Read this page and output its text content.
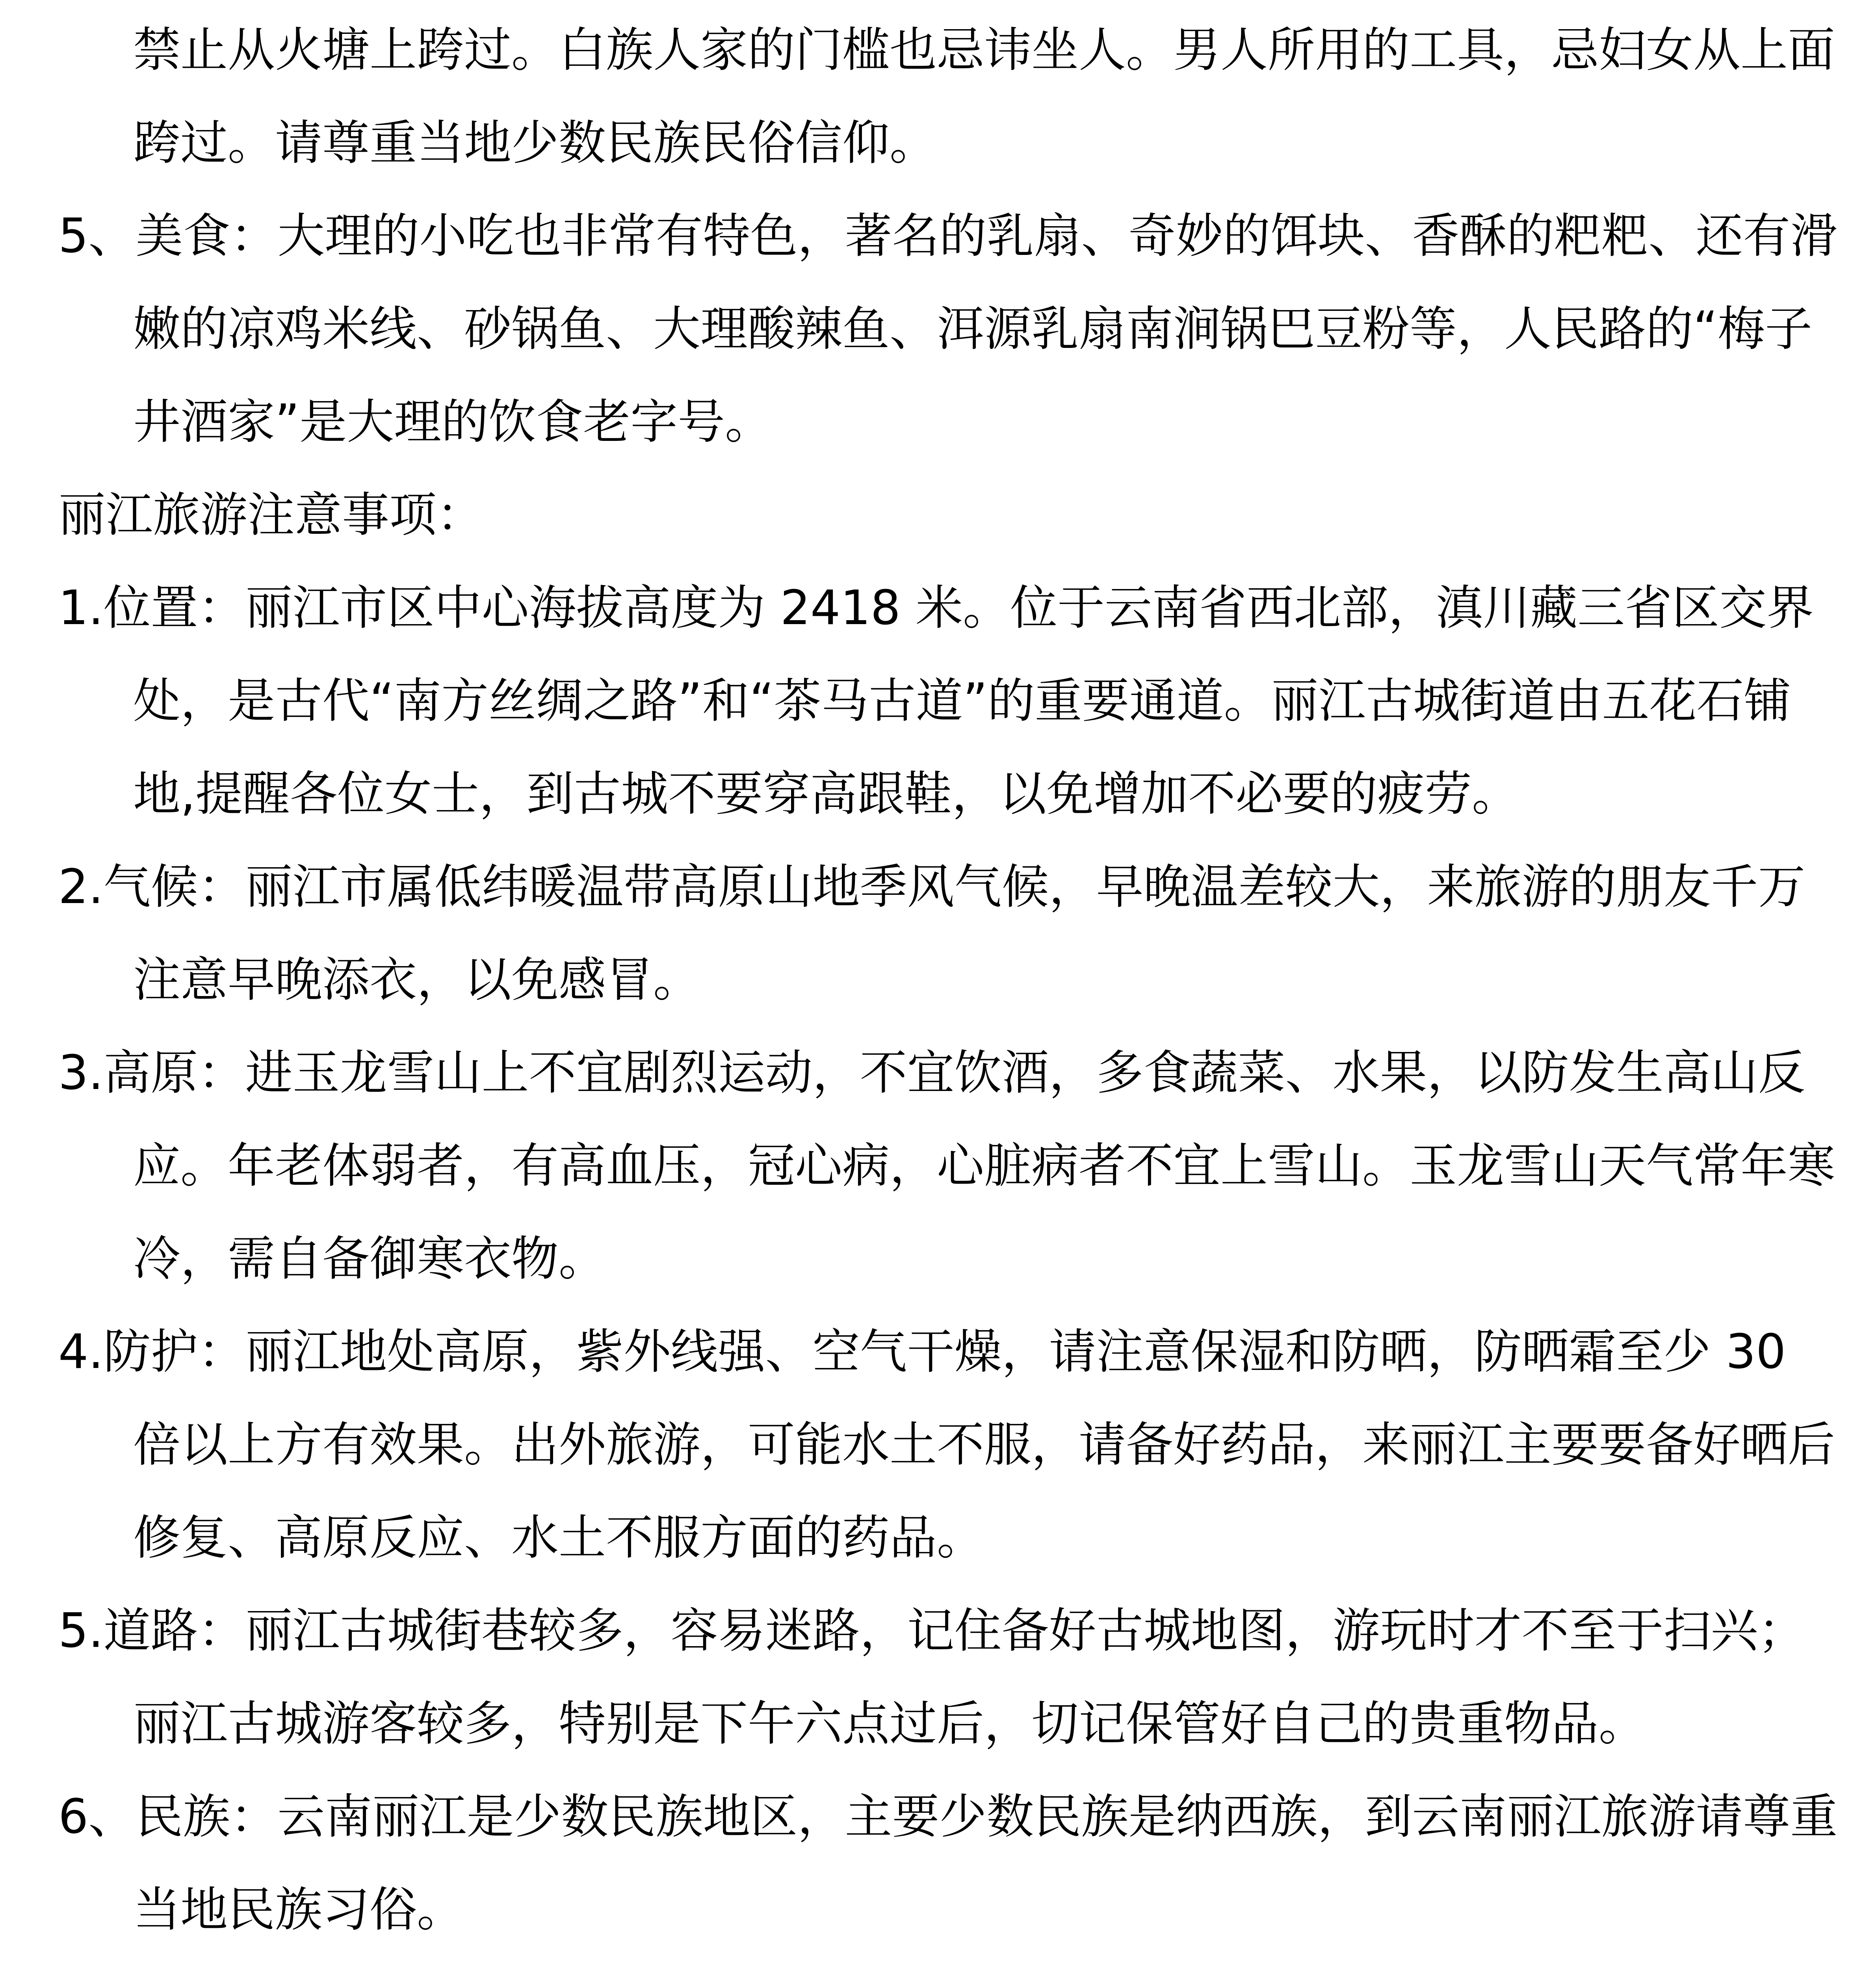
禁止从火塘上跨过。白族人家的门槛也忌讳坐人。男人所用的工具，忌妇女从上面跨过。请尊重当地少数民族民俗信仰。

5、美食：大理的小吃也非常有特色，著名的乳扇、奇妙的饵块、香酥的粑粑、还有滑嫩的凉鸡米线、砂锅鱼、大理酸辣鱼、洱源乳扇南涧锅巴豆粉等，人民路的“梅子井酒家”是大理的饮食老字号。

丽江旅游注意事项：

1.位置：丽江市区中心海拔高度为 2418 米。位于云南省西北部，滇川藏三省区交界处，是古代“南方丝绸之路”和“茶马古道”的重要通道。丽江古城街道由五花石铺地,提醒各位女士，到古城不要穿高跟鞋，以免增加不必要的疲劳。

2.气候：丽江市属低纬暖温带高原山地季风气候，早晚温差较大，来旅游的朋友千万注意早晚添衣，以免感冒。

3.高原：进玉龙雪山上不宜剧烈运动，不宜饮酒，多食蔬菜、水果，以防发生高山反应。年老体弱者，有高血压，冠心病，心脏病者不宜上雪山。玉龙雪山天气常年寒冷，需自备御寒衣物。

4.防护：丽江地处高原，紫外线强、空气干燥，请注意保湿和防晒，防晒霜至少 30 倍以上方有效果。出外旅游，可能水土不服，请备好药品，来丽江主要要备好晒后修复、高原反应、水土不服方面的药品。

5.道路：丽江古城街巷较多，容易迷路，记住备好古城地图，游玩时才不至于扫兴；丽江古城游客较多，特别是下午六点过后，切记保管好自己的贵重物品。

6、民族：云南丽江是少数民族地区，主要少数民族是纳西族，到云南丽江旅游请尊重当地民族习俗。
